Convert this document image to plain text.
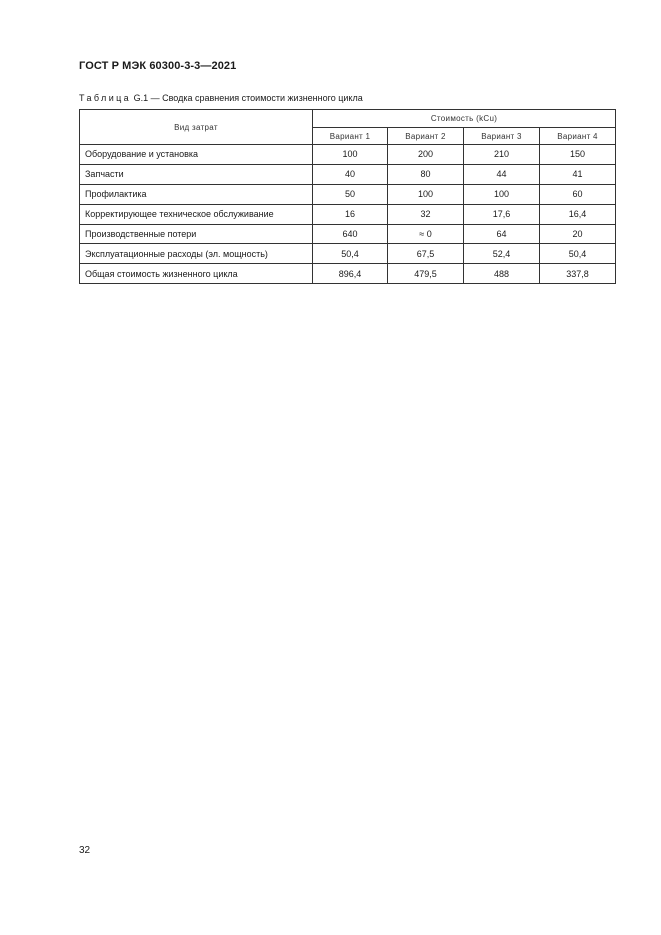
ГОСТ Р МЭК 60300-3-3—2021
Таблица G.1 — Сводка сравнения стоимости жизненного цикла
Вид затрат	Стоимость (kCu)			
	Вариант 1	Вариант 2	Вариант 3	Вариант 4
Оборудование и установка	100	200	210	150
Запчасти	40	80	44	41
Профилактика	50	100	100	60
Корректирующее техническое обслуживание	16	32	17,6	16,4
Производственные потери	640	≈ 0	64	20
Эксплуатационные расходы (эл. мощность)	50,4	67,5	52,4	50,4
Общая стоимость жизненного цикла	896,4	479,5	488	337,8
32
